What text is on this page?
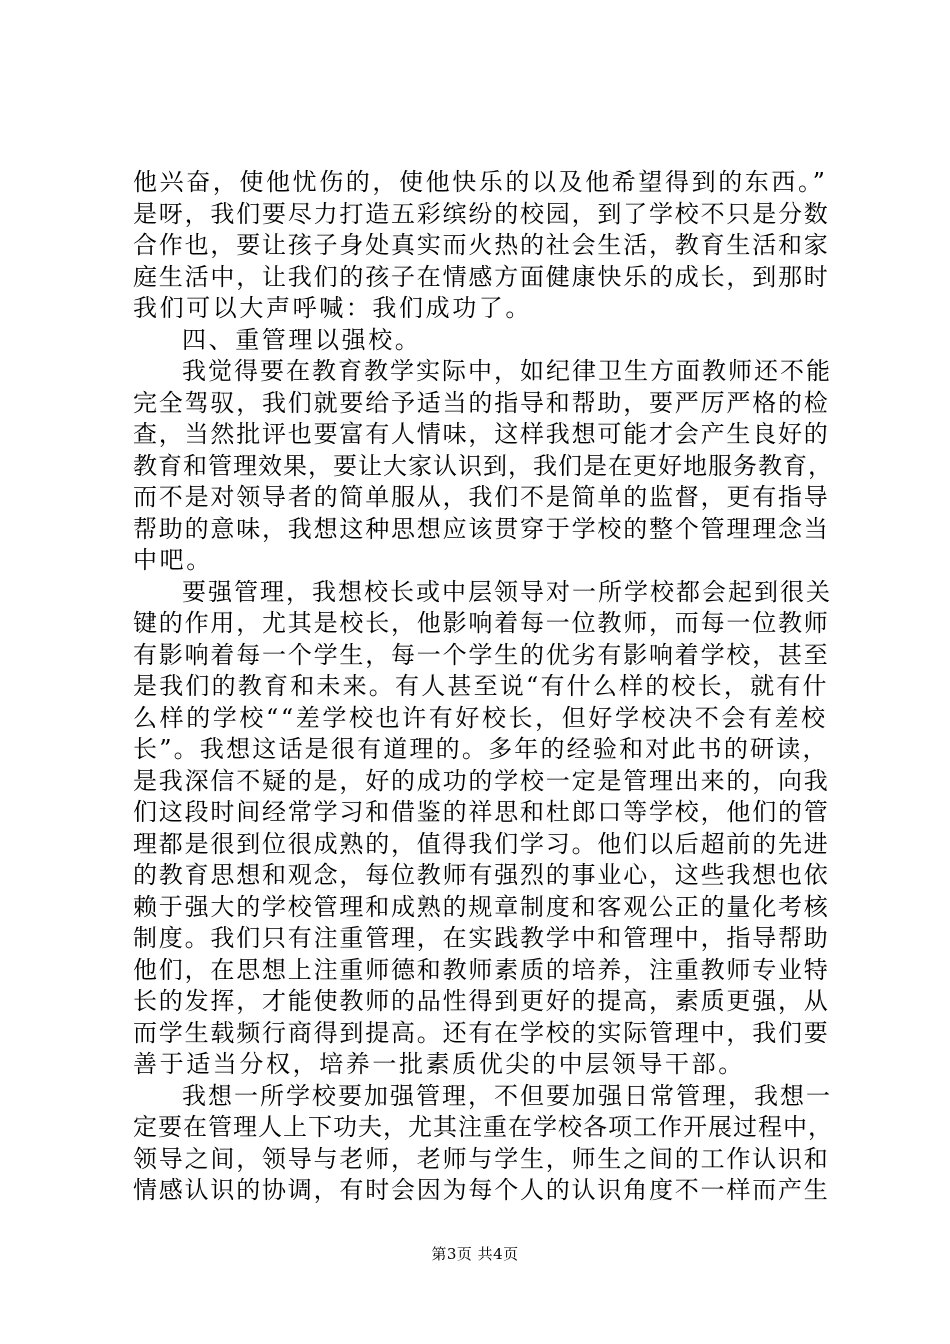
他兴奋，使他忧伤的，使他快乐的以及他希望得到的东西。”
是呀，我们要尽力打造五彩缤纷的校园，到了学校不只是分数
合作也，要让孩子身处真实而火热的社会生活，教育生活和家
庭生活中，让我们的孩子在情感方面健康快乐的成长，到那时
我们可以大声呼喊：我们成功了。
四、重管理以强校。
我觉得要在教育教学实际中，如纪律卫生方面教师还不能
完全驾驭，我们就要给予适当的指导和帮助，要严厉严格的检
查，当然批评也要富有人情味，这样我想可能才会产生良好的
教育和管理效果，要让大家认识到，我们是在更好地服务教育，
而不是对领导者的简单服从，我们不是简单的监督，更有指导
帮助的意味，我想这种思想应该贯穿于学校的整个管理理念当
中吧。
要强管理，我想校长或中层领导对一所学校都会起到很关
键的作用，尤其是校长，他影响着每一位教师，而每一位教师
有影响着每一个学生，每一个学生的优劣有影响着学校，甚至
是我们的教育和未来。有人甚至说“有什么样的校长，就有什
么样的学校““差学校也许有好校长，但好学校决不会有差校
长”。我想这话是很有道理的。多年的经验和对此书的研读，
是我深信不疑的是，好的成功的学校一定是管理出来的，向我
们这段时间经常学习和借鉴的祥思和杜郎口等学校，他们的管
理都是很到位很成熟的，值得我们学习。他们以后超前的先进
的教育思想和观念，每位教师有强烈的事业心，这些我想也依
赖于强大的学校管理和成熟的规章制度和客观公正的量化考核
制度。我们只有注重管理，在实践教学中和管理中，指导帮助
他们，在思想上注重师德和教师素质的培养，注重教师专业特
长的发挥，才能使教师的品性得到更好的提高，素质更强，从
而学生载频行商得到提高。还有在学校的实际管理中，我们要
善于适当分权，培养一批素质优尖的中层领导干部。
我想一所学校要加强管理，不但要加强日常管理，我想一
定要在管理人上下功夫，尤其注重在学校各项工作开展过程中，
领导之间，领导与老师，老师与学生，师生之间的工作认识和
情感认识的协调，有时会因为每个人的认识角度不一样而产生
第3页 共4页
